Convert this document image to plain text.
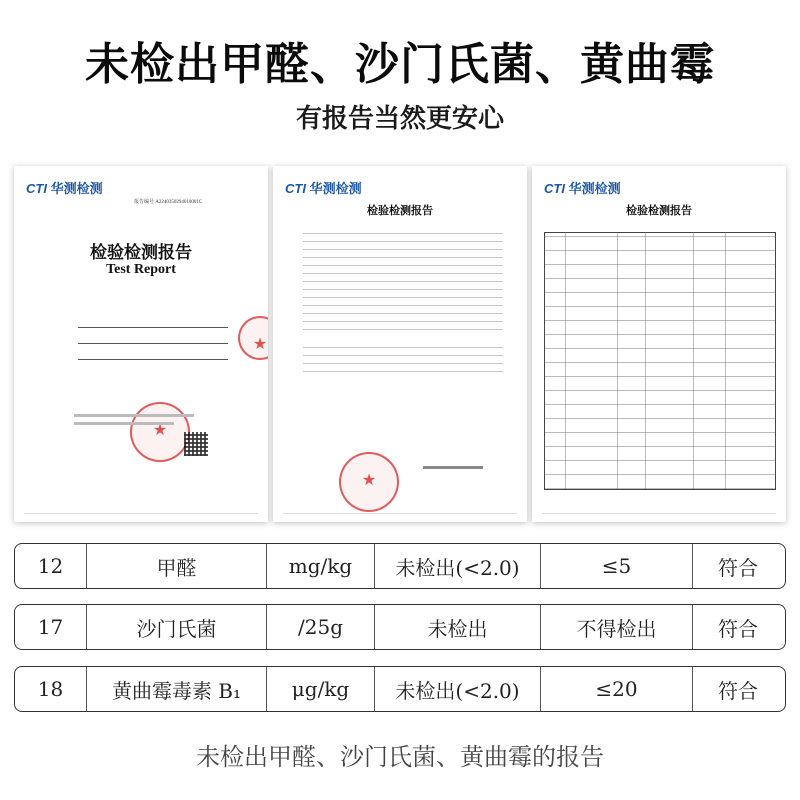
未检出甲醛、沙门氏菌、黄曲霉
有报告当然更安心
CTI 华测检测
报告编号 A2240350294010001C
检验检测报告
Test Report

★
★
CTI 华测检测
检验检测报告
★
CTI 华测检测
检验检测报告
12	甲醛	mg/kg	未检出(<2.0)	≤5	符合
17	沙门氏菌	/25g	未检出	不得检出	符合
18	黄曲霉毒素 B₁	μg/kg	未检出(<2.0)	≤20	符合
未检出甲醛、沙门氏菌、黄曲霉的报告
